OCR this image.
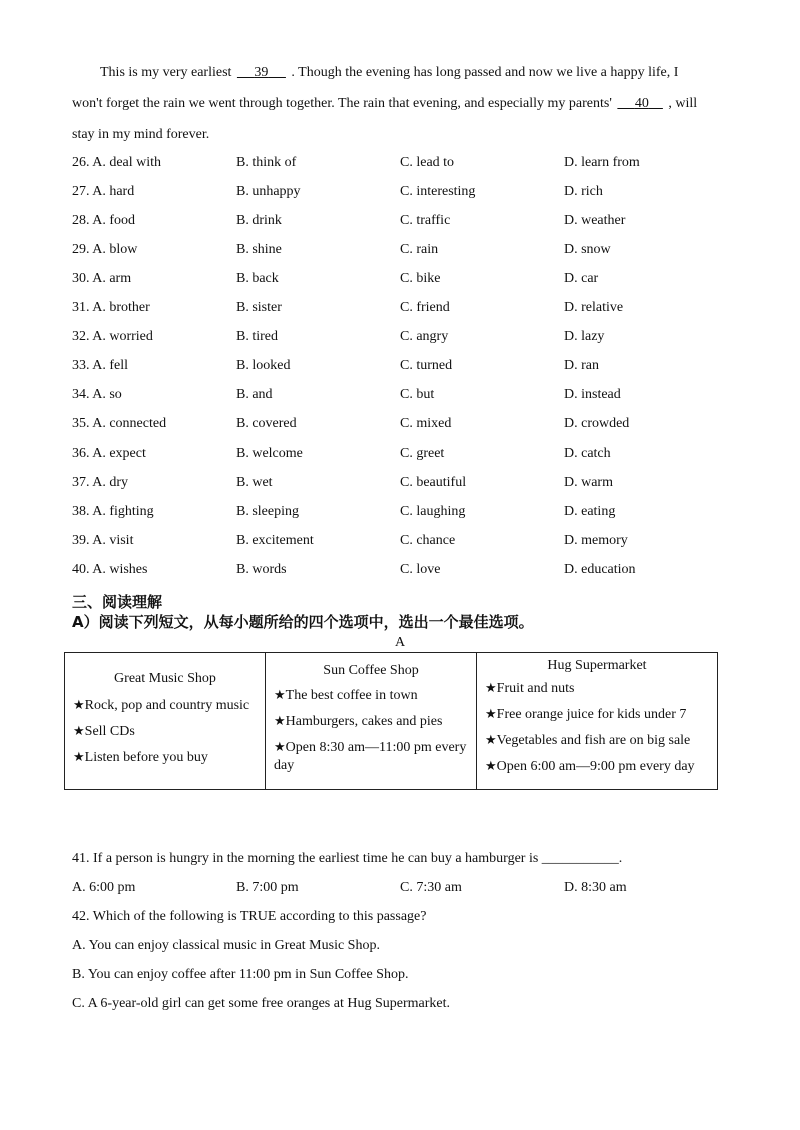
This is my very earliest      39      . Though the evening has long passed and now we live a happy life, I
won't forget the rain we went through together. The rain that evening, and especially my parents'      40     , will
stay in my mind forever.
26. A. deal with	B. think of	C. lead to	D. learn from
27. A. hard	B. unhappy	C. interesting	D. rich
28. A. food	B. drink	C. traffic	D. weather
29. A. blow	B. shine	C. rain	D. snow
30. A. arm	B. back	C. bike	D. car
31. A. brother	B. sister	C. friend	D. relative
32. A. worried	B. tired	C. angry	D. lazy
33. A. fell	B. looked	C. turned	D. ran
34. A. so	B. and	C. but	D. instead
35. A. connected	B. covered	C. mixed	D. crowded
36. A. expect	B. welcome	C. greet	D. catch
37. A. dry	B. wet	C. beautiful	D. warm
38. A. fighting	B. sleeping	C. laughing	D. eating
39. A. visit	B. excitement	C. chance	D. memory
40. A. wishes	B. words	C. love	D. education
三、阅读理解
A）阅读下列短文，从每小题所给的四个选项中，选出一个最佳选项。
A
Great Music Shop
★Rock, pop and country music
★Sell CDs
★Listen before you buy

Sun Coffee Shop
★The best coffee in town
★Hamburgers, cakes and pies
★Open 8:30 am—11:00 pm every day

Hug Supermarket
★Fruit and nuts
★Free orange juice for kids under 7
★Vegetables and fish are on big sale
★Open 6:00 am—9:00 pm every day
41. If a person is hungry in the morning the earliest time he can buy a hamburger is ___________.
A. 6:00 pm	B. 7:00 pm	C. 7:30 am	D. 8:30 am
42. Which of the following is TRUE according to this passage?
A. You can enjoy classical music in Great Music Shop.
B. You can enjoy coffee after 11:00 pm in Sun Coffee Shop.
C. A 6-year-old girl can get some free oranges at Hug Supermarket.
